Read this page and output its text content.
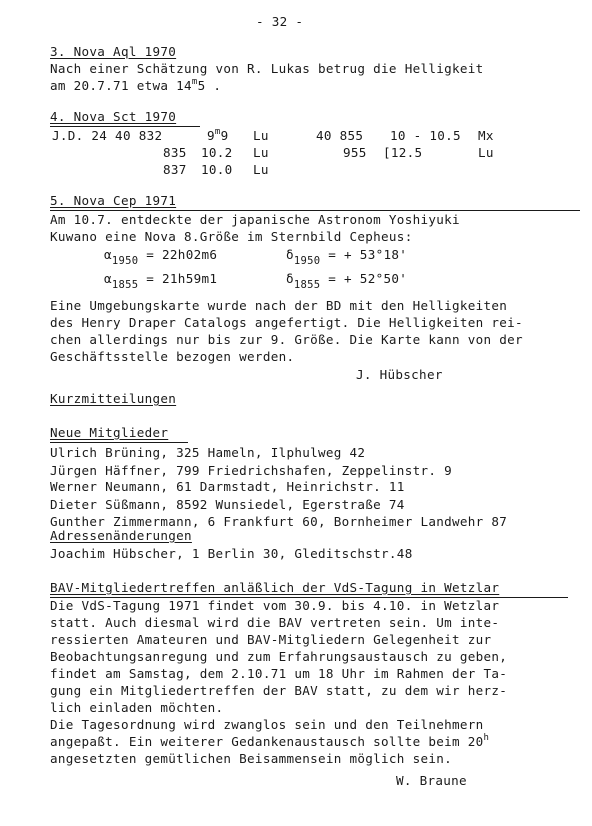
- 32 -
3. Nova Aql 1970
Nach einer Schätzung von R. Lukas betrug die Helligkeit
am 20.7.71 etwa 14$^m$5 .
4. Nova Sct 1970
J.D. 24 40 832	9$^m$9 Lu	40 855 10 - 10.5 Mx
835 10.2 Lu	955 [12.5	Lu
837 10.0 Lu
5. Nova Cep 1971
Am 10.7. entdeckte der japanische Astronom Yoshiyuki
Kuwano eine Nova 8.Größe im Sternbild Cepheus:
$\alpha_{1950} = 22h02m6$	$\delta_{1950}$ = + 53°18'
$\alpha_{1855} = 21h59m1$	$\delta_{1855}$ = + 52°50'
Eine Umgebungskarte wurde nach der BD mit den Helligkeiten
des Henry Draper Catalogs angefertigt. Die Helligkeiten rei-
chen allerdings nur bis zur 9. Größe. Die Karte kann von der
Geschäftsstelle bezogen werden.
J. Hübscher
Kurzmitteilungen
Neue Mitglieder
Ulrich Brüning, 325 Hameln, Ilphulweg 42
Jürgen Häffner, 799 Friedrichshafen, Zeppelinstr. 9
Werner Neumann, 61 Darmstadt, Heinrichstr. 11
Dieter Süßmann, 8592 Wunsiedel, Egerstraße 74
Gunther Zimmermann, 6 Frankfurt 60, Bornheimer Landwehr 87
Adressenänderungen
Joachim Hübscher, 1 Berlin 30, Gleditschstr.48
BAV-Mitgliedertreffen anläßlich der VdS-Tagung in Wetzlar
Die VdS-Tagung 1971 findet vom 30.9. bis 4.10. in Wetzlar
statt. Auch diesmal wird die BAV vertreten sein. Um inte-
ressierten Amateuren und BAV-Mitgliedern Gelegenheit zur
Beobachtungsanregung und zum Erfahrungsaustausch zu geben,
findet am Samstag, dem 2.10.71 um 18 Uhr im Rahmen der Ta-
gung ein Mitgliedertreffen der BAV statt, zu dem wir herz-
lich einladen möchten.
Die Tagesordnung wird zwanglos sein und den Teilnehmern
angepaßt. Ein weiterer Gedankenaustausch sollte beim 20$^h$
angesetzten gemütlichen Beisammensein möglich sein.
W. Braune
